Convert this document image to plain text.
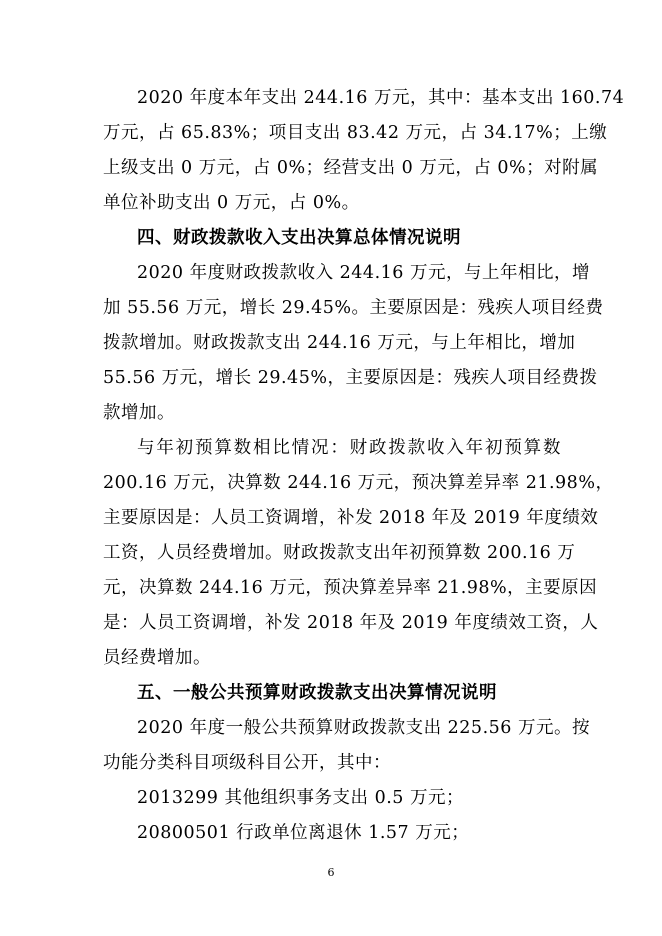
2020 年度本年支出 244.16 万元，其中：基本支出 160.74
万元，占 65.83%；项目支出 83.42 万元，占 34.17%；上缴
上级支出 0 万元，占 0%；经营支出 0 万元，占 0%；对附属
单位补助支出 0 万元，占 0%。
四、财政拨款收入支出决算总体情况说明
2020 年度财政拨款收入 244.16 万元，与上年相比，增
加 55.56 万元，增长 29.45%。主要原因是：残疾人项目经费
拨款增加。财政拨款支出 244.16 万元，与上年相比，增加
55.56 万元，增长 29.45%，主要原因是：残疾人项目经费拨
款增加。
与年初预算数相比情况：财政拨款收入年初预算数
200.16 万元，决算数 244.16 万元，预决算差异率 21.98%，
主要原因是：人员工资调增，补发 2018 年及 2019 年度绩效
工资，人员经费增加。财政拨款支出年初预算数 200.16 万
元，决算数 244.16 万元，预决算差异率 21.98%，主要原因
是：人员工资调增，补发 2018 年及 2019 年度绩效工资，人
员经费增加。
五、一般公共预算财政拨款支出决算情况说明
2020 年度一般公共预算财政拨款支出 225.56 万元。按
功能分类科目项级科目公开，其中：
2013299 其他组织事务支出 0.5 万元；
20800501 行政单位离退休 1.57 万元；
6
